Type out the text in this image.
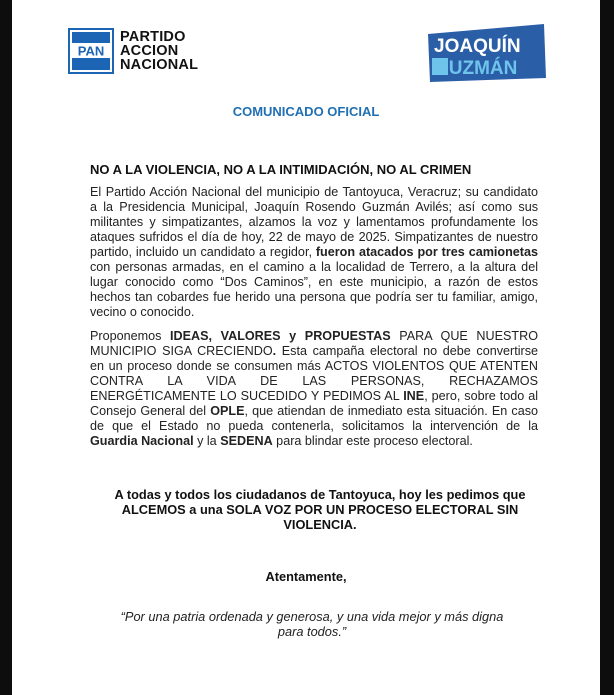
PAN
PARTIDO
ACCION
NACIONAL
JOAQUÍN
GUZMÁN
COMUNICADO OFICIAL
NO A LA VIOLENCIA, NO A LA INTIMIDACIÓN, NO AL CRIMEN
El Partido Acción Nacional del municipio de Tantoyuca, Veracruz; su candidato a la Presidencia Municipal, Joaquín Rosendo Guzmán Avilés; así como sus militantes y simpatizantes, alzamos la voz y lamentamos profundamente los ataques sufridos el día de hoy, 22 de mayo de 2025. Simpatizantes de nuestro partido, incluido un candidato a regidor, fueron atacados por tres camionetas con personas armadas, en el camino a la localidad de Terrero, a la altura del lugar conocido como “Dos Caminos”, en este municipio, a razón de estos hechos tan cobardes fue herido una persona que podría ser tu familiar, amigo, vecino o conocido.
Proponemos IDEAS, VALORES y PROPUESTAS PARA QUE NUESTRO MUNICIPIO SIGA CRECIENDO. Esta campaña electoral no debe convertirse en un proceso donde se consumen más ACTOS VIOLENTOS QUE ATENTEN CONTRA LA VIDA DE LAS PERSONAS, RECHAZAMOS ENERGÉTICAMENTE LO SUCEDIDO Y PEDIMOS AL INE, pero, sobre todo al Consejo General del OPLE, que atiendan de inmediato esta situación. En caso de que el Estado no pueda contenerla, solicitamos la intervención de la Guardia Nacional y la SEDENA para blindar este proceso electoral.
A todas y todos los ciudadanos de Tantoyuca, hoy les pedimos que ALCEMOS a una SOLA VOZ POR UN PROCESO ELECTORAL SIN VIOLENCIA.
Atentamente,
“Por una patria ordenada y generosa, y una vida mejor y más digna para todos.”
